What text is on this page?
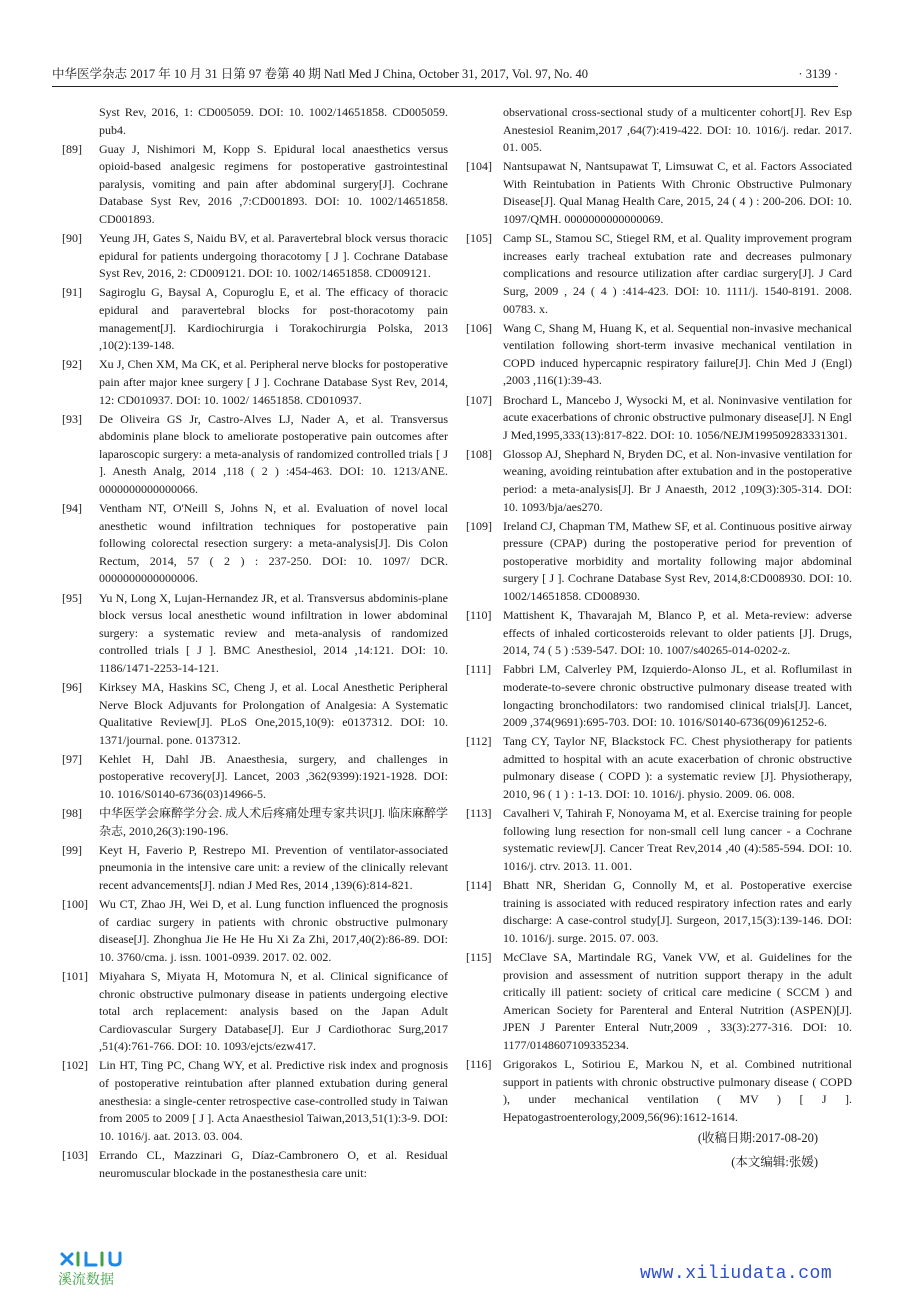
中华医学杂志 2017 年 10 月 31 日第 97 卷第 40 期 Natl Med J China, October 31, 2017, Vol. 97, No. 40	· 3139 ·

Syst Rev, 2016, 1: CD005059. DOI: 10. 1002/14651858. CD005059. pub4.

[89] Guay J, Nishimori M, Kopp S. Epidural local anaesthetics versus opioid-based analgesic regimens for postoperative gastrointestinal paralysis, vomiting and pain after abdominal surgery[J]. Cochrane Database Syst Rev, 2016 ,7:CD001893. DOI: 10. 1002/14651858. CD001893.

[90] Yeung JH, Gates S, Naidu BV, et al. Paravertebral block versus thoracic epidural for patients undergoing thoracotomy [ J ]. Cochrane Database Syst Rev, 2016, 2: CD009121. DOI: 10. 1002/14651858. CD009121.

[91] Sagiroglu G, Baysal A, Copuroglu E, et al. The efficacy of thoracic epidural and paravertebral blocks for post-thoracotomy pain management[J]. Kardiochirurgia i Torakochirurgia Polska, 2013 ,10(2):139-148.

[92] Xu J, Chen XM, Ma CK, et al. Peripheral nerve blocks for postoperative pain after major knee surgery [ J ]. Cochrane Database Syst Rev, 2014, 12: CD010937. DOI: 10. 1002/ 14651858. CD010937.

[93] De Oliveira GS Jr, Castro-Alves LJ, Nader A, et al. Transversus abdominis plane block to ameliorate postoperative pain outcomes after laparoscopic surgery: a meta-analysis of randomized controlled trials [ J ]. Anesth Analg, 2014 ,118 ( 2 ) :454-463. DOI: 10. 1213/ANE. 0000000000000066.

[94] Ventham NT, O'Neill S, Johns N, et al. Evaluation of novel local anesthetic wound infiltration techniques for postoperative pain following colorectal resection surgery: a meta-analysis[J]. Dis Colon Rectum, 2014, 57 ( 2 ) : 237-250. DOI: 10. 1097/ DCR. 0000000000000006.

[95] Yu N, Long X, Lujan-Hernandez JR, et al. Transversus abdominis-plane block versus local anesthetic wound infiltration in lower abdominal surgery: a systematic review and meta-analysis of randomized controlled trials [ J ]. BMC Anesthesiol, 2014 ,14:121. DOI: 10. 1186/1471-2253-14-121.

[96] Kirksey MA, Haskins SC, Cheng J, et al. Local Anesthetic Peripheral Nerve Block Adjuvants for Prolongation of Analgesia: A Systematic Qualitative Review[J]. PLoS One,2015,10(9): e0137312. DOI: 10. 1371/journal. pone. 0137312.

[97] Kehlet H, Dahl JB. Anaesthesia, surgery, and challenges in postoperative recovery[J]. Lancet, 2003 ,362(9399):1921-1928. DOI: 10. 1016/S0140-6736(03)14966-5.

[98] 中华医学会麻醉学分会. 成人术后疼痛处理专家共识[J]. 临床麻醉学杂志, 2010,26(3):190-196.

[99] Keyt H, Faverio P, Restrepo MI. Prevention of ventilator-associated pneumonia in the intensive care unit: a review of the clinically relevant recent advancements[J]. ndian J Med Res, 2014 ,139(6):814-821.

[100] Wu CT, Zhao JH, Wei D, et al. Lung function influenced the prognosis of cardiac surgery in patients with chronic obstructive pulmonary disease[J]. Zhonghua Jie He He Hu Xi Za Zhi, 2017,40(2):86-89. DOI: 10. 3760/cma. j. issn. 1001-0939. 2017. 02. 002.

[101] Miyahara S, Miyata H, Motomura N, et al. Clinical significance of chronic obstructive pulmonary disease in patients undergoing elective total arch replacement: analysis based on the Japan Adult Cardiovascular Surgery Database[J]. Eur J Cardiothorac Surg,2017 ,51(4):761-766. DOI: 10. 1093/ejcts/ezw417.

[102] Lin HT, Ting PC, Chang WY, et al. Predictive risk index and prognosis of postoperative reintubation after planned extubation during general anesthesia: a single-center retrospective case-controlled study in Taiwan from 2005 to 2009 [ J ]. Acta Anaesthesiol Taiwan,2013,51(1):3-9. DOI: 10. 1016/j. aat. 2013. 03. 004.

[103] Errando CL, Mazzinari G, Díaz-Cambronero O, et al. Residual neuromuscular blockade in the postanesthesia care unit:

observational cross-sectional study of a multicenter cohort[J]. Rev Esp Anestesiol Reanim,2017 ,64(7):419-422. DOI: 10. 1016/j. redar. 2017. 01. 005.

[104] Nantsupawat N, Nantsupawat T, Limsuwat C, et al. Factors Associated With Reintubation in Patients With Chronic Obstructive Pulmonary Disease[J]. Qual Manag Health Care, 2015, 24 ( 4 ) : 200-206. DOI: 10. 1097/QMH. 0000000000000069.

[105] Camp SL, Stamou SC, Stiegel RM, et al. Quality improvement program increases early tracheal extubation rate and decreases pulmonary complications and resource utilization after cardiac surgery[J]. J Card Surg, 2009 , 24 ( 4 ) :414-423. DOI: 10. 1111/j. 1540-8191. 2008. 00783. x.

[106] Wang C, Shang M, Huang K, et al. Sequential non-invasive mechanical ventilation following short-term invasive mechanical ventilation in COPD induced hypercapnic respiratory failure[J]. Chin Med J (Engl) ,2003 ,116(1):39-43.

[107] Brochard L, Mancebo J, Wysocki M, et al. Noninvasive ventilation for acute exacerbations of chronic obstructive pulmonary disease[J]. N Engl J Med,1995,333(13):817-822. DOI: 10. 1056/NEJM199509283331301.

[108] Glossop AJ, Shephard N, Bryden DC, et al. Non-invasive ventilation for weaning, avoiding reintubation after extubation and in the postoperative period: a meta-analysis[J]. Br J Anaesth, 2012 ,109(3):305-314. DOI: 10. 1093/bja/aes270.

[109] Ireland CJ, Chapman TM, Mathew SF, et al. Continuous positive airway pressure (CPAP) during the postoperative period for prevention of postoperative morbidity and mortality following major abdominal surgery [ J ]. Cochrane Database Syst Rev, 2014,8:CD008930. DOI: 10. 1002/14651858. CD008930.

[110] Mattishent K, Thavarajah M, Blanco P, et al. Meta-review: adverse effects of inhaled corticosteroids relevant to older patients [J]. Drugs, 2014, 74 ( 5 ) :539-547. DOI: 10. 1007/s40265-014-0202-z.

[111] Fabbri LM, Calverley PM, Izquierdo-Alonso JL, et al. Roflumilast in moderate-to-severe chronic obstructive pulmonary disease treated with longacting bronchodilators: two randomised clinical trials[J]. Lancet, 2009 ,374(9691):695-703. DOI: 10. 1016/S0140-6736(09)61252-6.

[112] Tang CY, Taylor NF, Blackstock FC. Chest physiotherapy for patients admitted to hospital with an acute exacerbation of chronic obstructive pulmonary disease ( COPD ): a systematic review [J]. Physiotherapy, 2010, 96 ( 1 ) : 1-13. DOI: 10. 1016/j. physio. 2009. 06. 008.

[113] Cavalheri V, Tahirah F, Nonoyama M, et al. Exercise training for people following lung resection for non-small cell lung cancer - a Cochrane systematic review[J]. Cancer Treat Rev,2014 ,40 (4):585-594. DOI: 10. 1016/j. ctrv. 2013. 11. 001.

[114] Bhatt NR, Sheridan G, Connolly M, et al. Postoperative exercise training is associated with reduced respiratory infection rates and early discharge: A case-control study[J]. Surgeon, 2017,15(3):139-146. DOI: 10. 1016/j. surge. 2015. 07. 003.

[115] McClave SA, Martindale RG, Vanek VW, et al. Guidelines for the provision and assessment of nutrition support therapy in the adult critically ill patient: society of critical care medicine ( SCCM ) and American Society for Parenteral and Enteral Nutrition (ASPEN)[J]. JPEN J Parenter Enteral Nutr,2009 , 33(3):277-316. DOI: 10. 1177/0148607109335234.

[116] Grigorakos L, Sotiriou E, Markou N, et al. Combined nutritional support in patients with chronic obstructive pulmonary disease ( COPD ), under mechanical ventilation ( MV ) [ J ]. Hepatogastroenterology,2009,56(96):1612-1614.

(收稿日期:2017-08-20)
(本文编辑:张媛)
溪流数据	www.xiliudata.com
